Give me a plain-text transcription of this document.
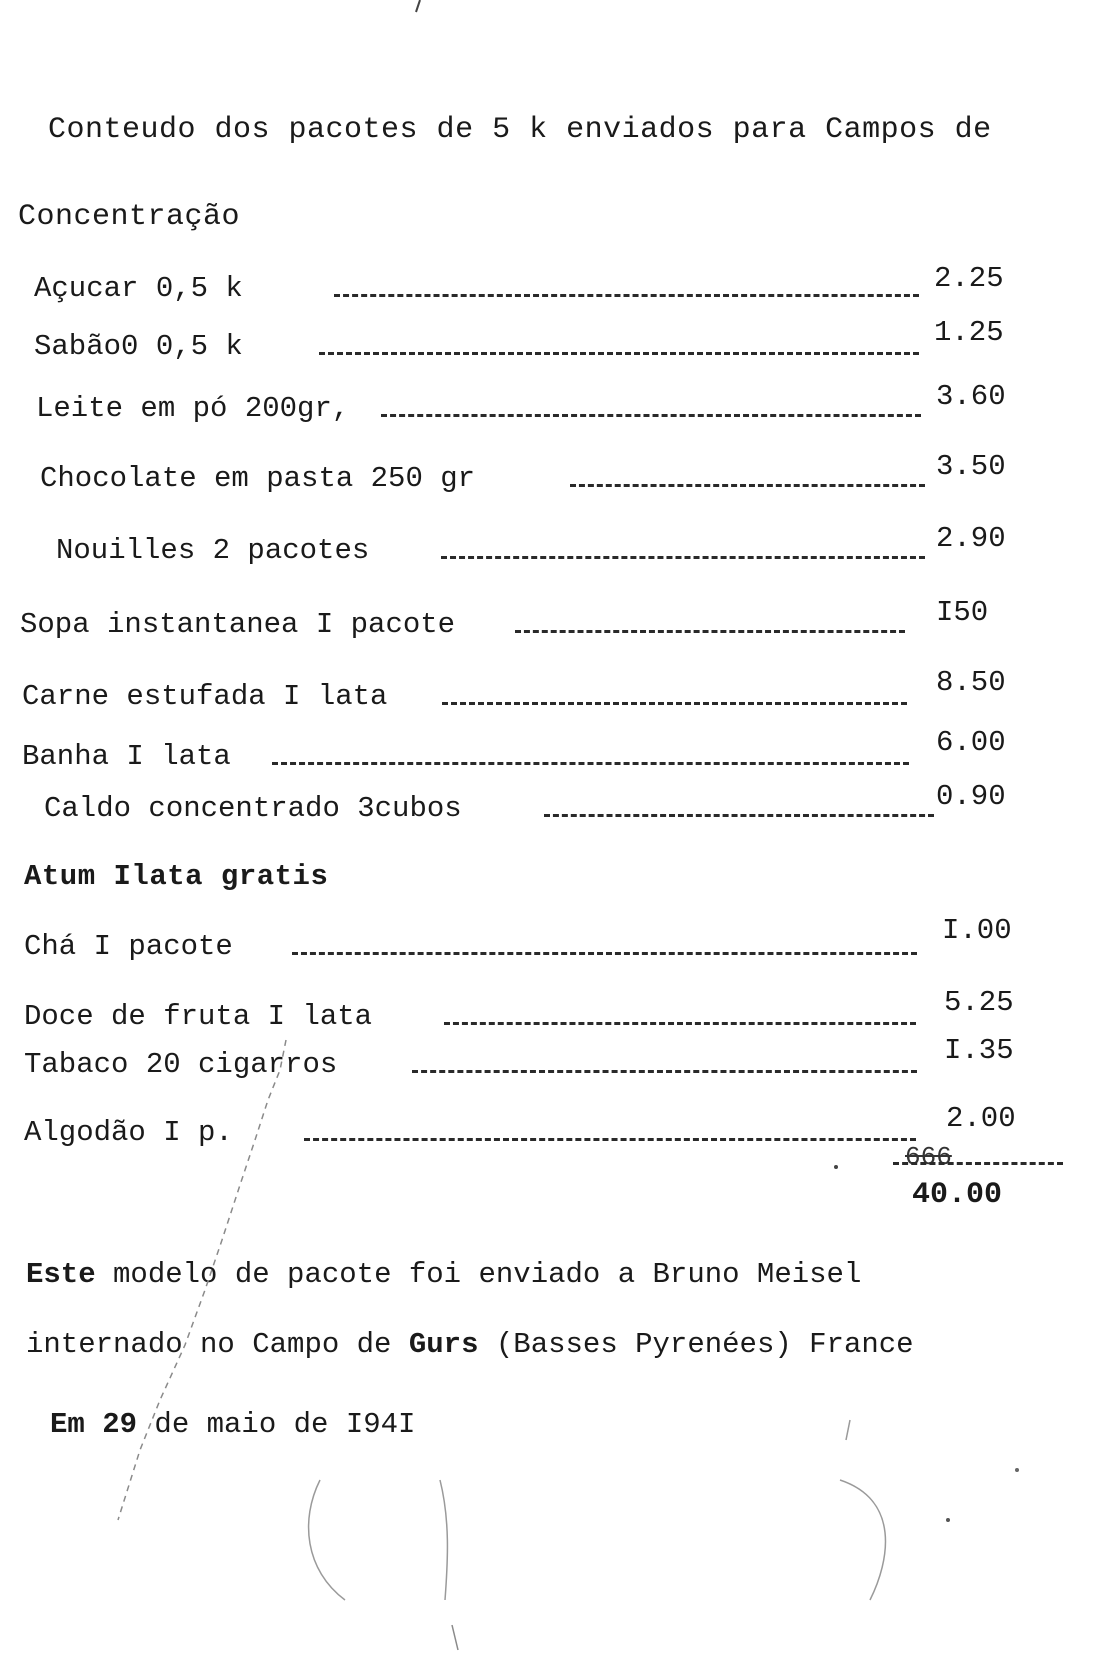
Conteudo dos pacotes de 5 k enviados para Campos de
Concentração
Açucar 0,5 k	2.25
Sabão0 0,5 k	1.25
Leite em pó 200gr,	3.60
Chocolate em pasta 250 gr	3.50
Nouilles 2 pacotes	2.90
Sopa instantanea I pacote	I50
Carne estufada I lata	8.50
Banha I lata	6.00
Caldo concentrado 3cubos	0.90
Atum Ilata gratis
Chá I pacote	I.00
Doce de fruta I lata	5.25
Tabaco 20 cigarros	I.35
Algodão I p.	2.00
666
40.00
Este modelo de pacote foi enviado a Bruno Meisel
internado no Campo de Gurs (Basses Pyrenées) France
Em 29 de maio de I94I
